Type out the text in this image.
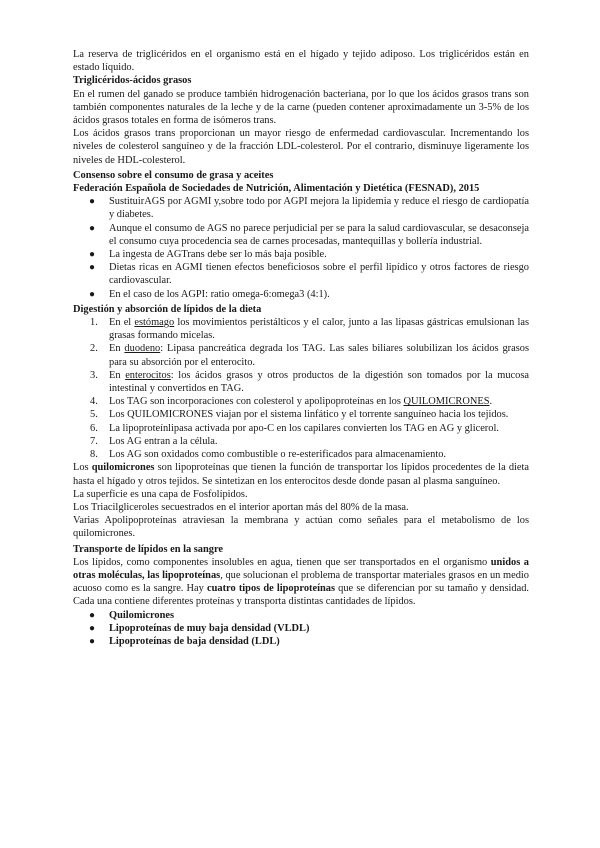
La reserva de triglicéridos en el organismo está en el hígado y tejido adiposo. Los triglicéridos están en estado líquido.

Triglicéridos-ácidos grasos

En el rumen del ganado se produce también hidrogenación bacteriana, por lo que los ácidos grasos trans son también componentes naturales de la leche y de la carne (pueden contener aproximadamente un 3-5% de los ácidos grasos totales en forma de isómeros trans.

Los ácidos grasos trans proporcionan un mayor riesgo de enfermedad cardiovascular. Incrementando los niveles de colesterol sanguíneo y de la fracción LDL-colesterol. Por el contrario, disminuye ligeramente los niveles de HDL-colesterol.

Consenso sobre el consumo de grasa y aceites

Federación Española de Sociedades de Nutrición, Alimentación y Dietética (FESNAD), 2015

● SustituirAGS por AGMI y,sobre todo por AGPI mejora la lipidemia y reduce el riesgo de cardiopatía y diabetes.
● Aunque el consumo de AGS no parece perjudicial per se para la salud cardiovascular, se desaconseja el consumo cuya procedencia sea de carnes procesadas, mantequillas y bollería industrial.
● La ingesta de AGTrans debe ser lo más baja posible.
● Dietas ricas en AGMI tienen efectos beneficiosos sobre el perfil lipídico y otros factores de riesgo cardiovascular.
● En el caso de los AGPI: ratio omega-6:omega3 (4:1).

Digestión y absorción de lípidos de la dieta

1. En el estómago los movimientos peristálticos y el calor, junto a las lipasas gástricas emulsionan las grasas formando micelas.
2. En duodeno: Lipasa pancreática degrada los TAG. Las sales biliares solubilizan los ácidos grasos para su absorción por el enterocito.
3. En enterocitos: los ácidos grasos y otros productos de la digestión son tomados por la mucosa intestinal y convertidos en TAG.
4. Los TAG son incorporaciones con colesterol y apolipoproteínas en los QUILOMICRONES.
5. Los QUILOMICRONES viajan por el sistema linfático y el torrente sanguíneo hacia los tejidos.
6. La lipoproteínlipasa activada por apo-C en los capilares convierten los TAG en AG y glicerol.
7. Los AG entran a la célula.
8. Los AG son oxidados como combustible o re-esterificados para almacenamiento.

Los quilomicrones son lipoproteínas que tienen la función de transportar los lípidos procedentes de la dieta hasta el hígado y otros tejidos. Se sintetizan en los enterocitos desde donde pasan al plasma sanguíneo.

La superficie es una capa de Fosfolípidos.

Los Triacilgliceroles secuestrados en el interior aportan más del 80% de la masa.

Varias Apolipoproteínas atraviesan la membrana y actúan como señales para el metabolismo de los quilomicrones.

Transporte de lípidos en la sangre

Los lípidos, como componentes insolubles en agua, tienen que ser transportados en el organismo unidos a otras moléculas, las lipoproteínas, que solucionan el problema de transportar materiales grasos en un medio acuoso como es la sangre. Hay cuatro tipos de lipoproteínas que se diferencian por su tamaño y densidad. Cada una contiene diferentes proteínas y transporta distintas cantidades de lípidos.

● Quilomicrones
● Lipoproteínas de muy baja densidad (VLDL)
● Lipoproteínas de baja densidad (LDL)
